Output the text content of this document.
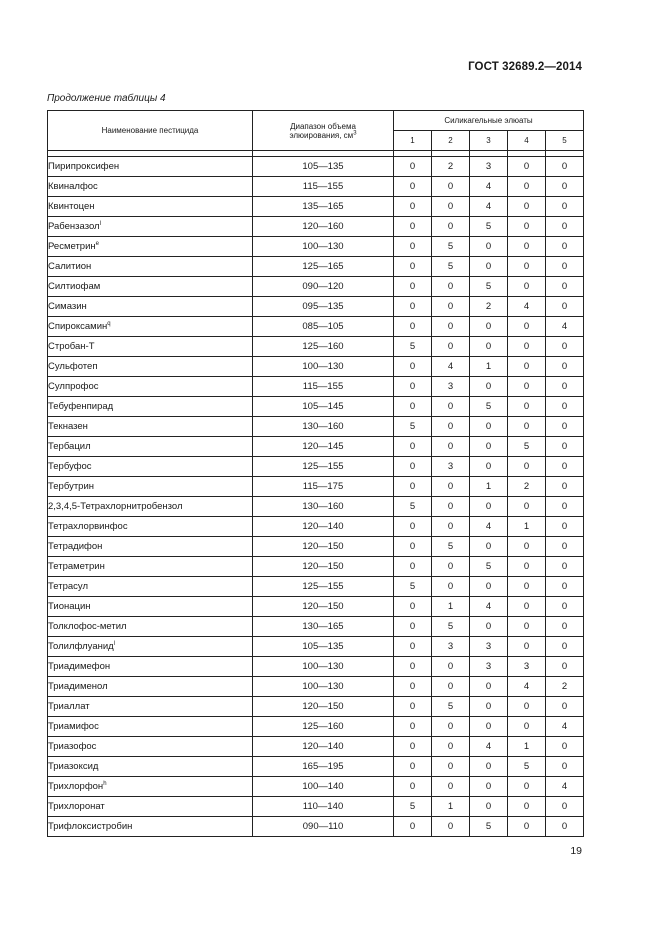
ГОСТ 32689.2—2014
Продолжение таблицы 4
Наименование пестицида	Диапазон объема
элюирования, $см^3$	Силикагельные элюаты				
		1	2	3	4	5

Пирипроксифен	105—135	0	2	3	0	0
Квиналфос	115—155	0	0	4	0	0
Квинтоцен	135—165	0	0	4	0	0
Рабензазол$^l$	120—160	0	0	5	0	0
Ресметрин$^e$	100—130	0	5	0	0	0
Салитион	125—165	0	5	0	0	0
Силтиофам	090—120	0	0	5	0	0
Симазин	095—135	0	0	2	4	0
Спироксамин$^q$	085—105	0	0	0	0	4
Стробан-Т	125—160	5	0	0	0	0
Сульфотеп	100—130	0	4	1	0	0
Сулпрофос	115—155	0	3	0	0	0
Тебуфенпирад	105—145	0	0	5	0	0
Текназен	130—160	5	0	0	0	0
Тербацил	120—145	0	0	0	5	0
Тербуфос	125—155	0	3	0	0	0
Тербутрин	115—175	0	0	1	2	0
2,3,4,5-Тетрахлорнитробензол	130—160	5	0	0	0	0
Тетрахлорвинфос	120—140	0	0	4	1	0
Тетрадифон	120—150	0	5	0	0	0
Тетраметрин	120—150	0	0	5	0	0
Тетрасул	125—155	5	0	0	0	0
Тионацин	120—150	0	1	4	0	0
Толклофос-метил	130—165	0	5	0	0	0
Толилфлуанид$^l$	105—135	0	3	3	0	0
Триадимефон	100—130	0	0	3	3	0
Триадименол	100—130	0	0	0	4	2
Триаллат	120—150	0	5	0	0	0
Триамифос	125—160	0	0	0	0	4
Триазофос	120—140	0	0	4	1	0
Триазоксид	165—195	0	0	0	5	0
Трихлорфон$^h$	100—140	0	0	0	0	4
Трихлоронат	110—140	5	1	0	0	0
Трифлоксистробин	090—110	0	0	5	0	0
19
